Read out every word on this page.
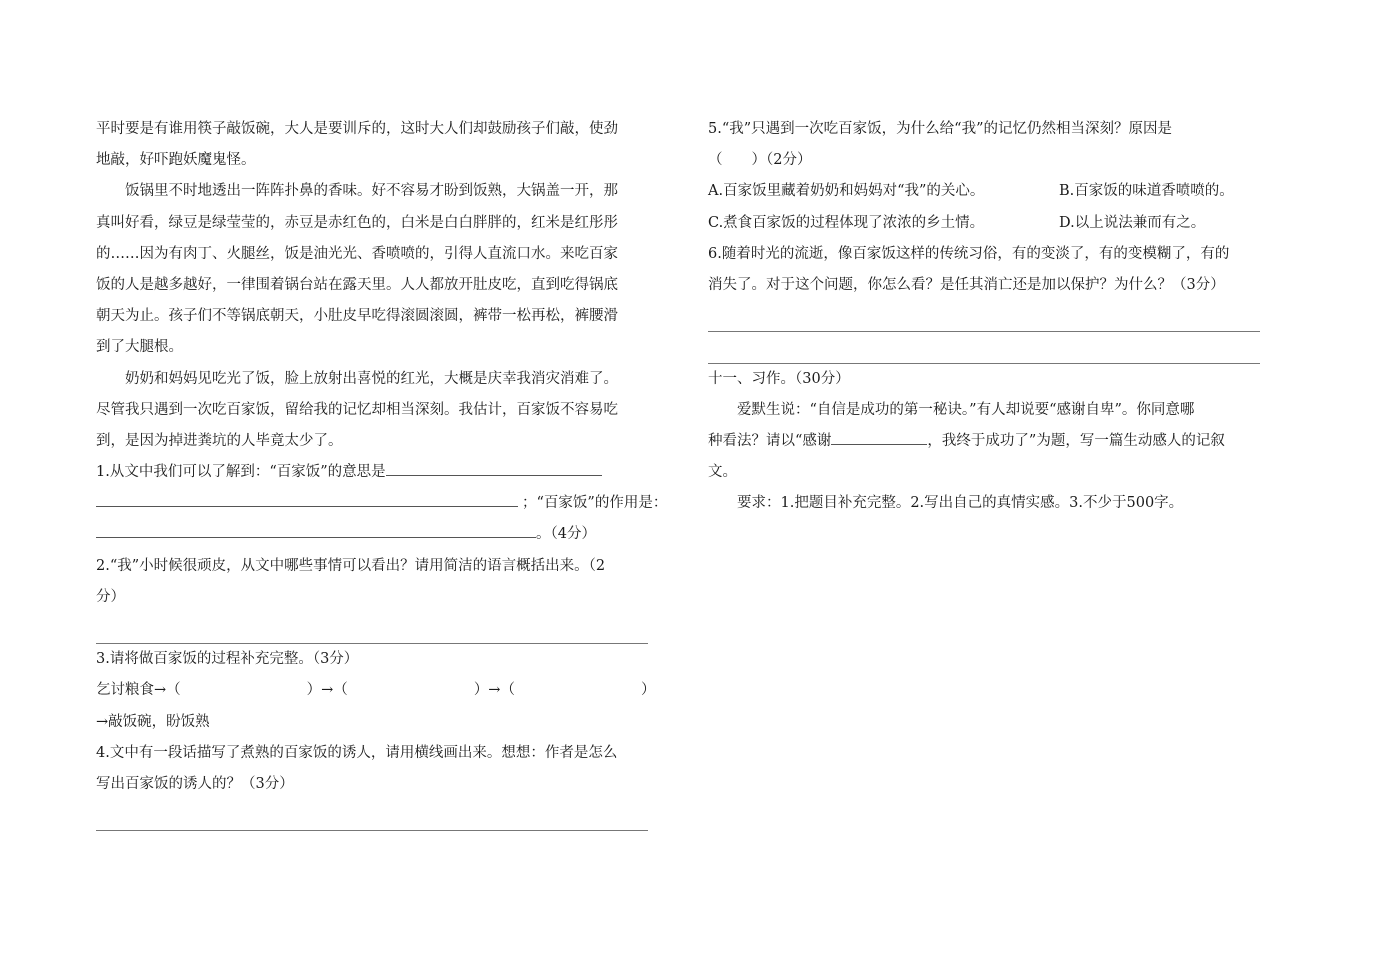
平时要是有谁用筷子敲饭碗，大人是要训斥的，这时大人们却鼓励孩子们敲，使劲
地敲，好吓跑妖魔鬼怪。
饭锅里不时地透出一阵阵扑鼻的香味。好不容易才盼到饭熟，大锅盖一开，那
真叫好看，绿豆是绿莹莹的，赤豆是赤红色的，白米是白白胖胖的，红米是红彤彤
的……因为有肉丁、火腿丝，饭是油光光、香喷喷的，引得人直流口水。来吃百家
饭的人是越多越好，一律围着锅台站在露天里。人人都放开肚皮吃，直到吃得锅底
朝天为止。孩子们不等锅底朝天，小肚皮早吃得滚圆滚圆，裤带一松再松，裤腰滑
到了大腿根。
奶奶和妈妈见吃光了饭，脸上放射出喜悦的红光，大概是庆幸我消灾消难了。
尽管我只遇到一次吃百家饭，留给我的记忆却相当深刻。我估计，百家饭不容易吃
到，是因为掉进粪坑的人毕竟太少了。
1.从文中我们可以了解到：“百家饭”的意思是
；“百家饭”的作用是：
。（4分）
2.“我”小时候很顽皮，从文中哪些事情可以看出？请用简洁的语言概括出来。（2
分）
3.请将做百家饭的过程补充完整。（3分）
乞讨粮食→（	）→（	）→（	）
→敲饭碗，盼饭熟
4.文中有一段话描写了煮熟的百家饭的诱人，请用横线画出来。想想：作者是怎么
写出百家饭的诱人的？（3分）
5.“我”只遇到一次吃百家饭，为什么给“我”的记忆仍然相当深刻？原因是
（　　）（2分）
A.百家饭里藏着奶奶和妈妈对“我”的关心。	B.百家饭的味道香喷喷的。
C.煮食百家饭的过程体现了浓浓的乡土情。	D.以上说法兼而有之。
6.随着时光的流逝，像百家饭这样的传统习俗，有的变淡了，有的变模糊了，有的
消失了。对于这个问题，你怎么看？是任其消亡还是加以保护？为什么？（3分）
十一、习作。（30分）
爱默生说：“自信是成功的第一秘诀。”有人却说要“感谢自卑”。你同意哪
种看法？请以“感谢	，我终于成功了”为题，写一篇生动感人的记叙
文。
要求：1.把题目补充完整。2.写出自己的真情实感。3.不少于500字。
